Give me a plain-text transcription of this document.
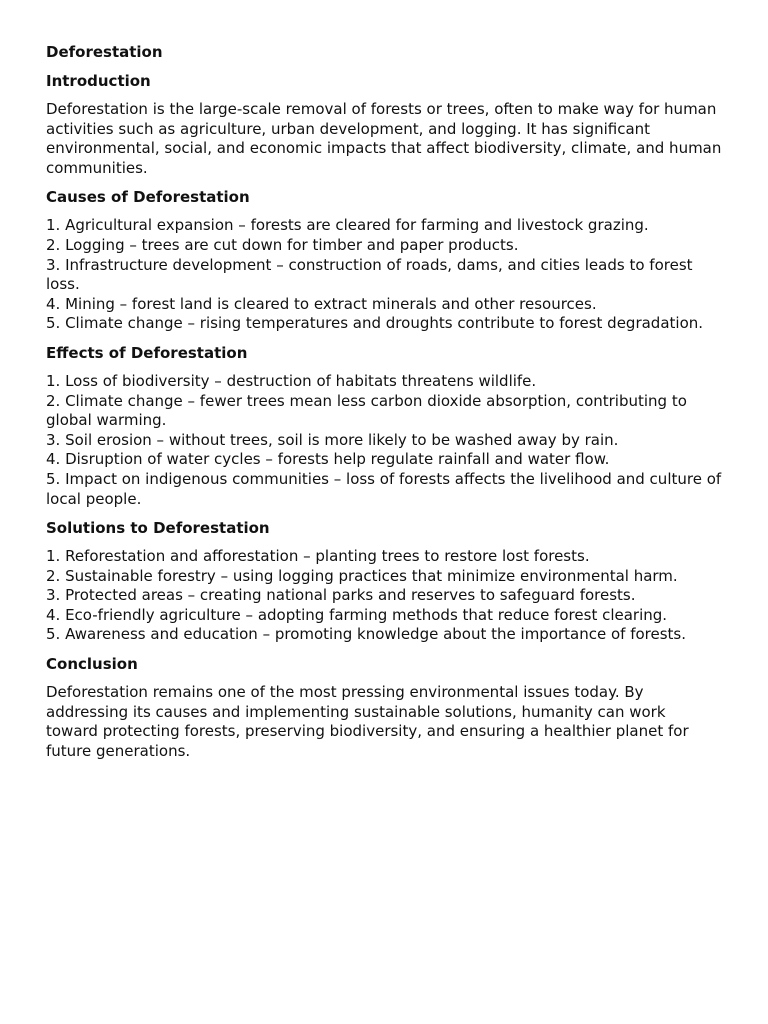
Deforestation
Introduction

Deforestation is the large-scale removal of forests or trees, often to make way for human activities such as agriculture, urban development, and logging. It has significant environmental, social, and economic impacts that affect biodiversity, climate, and human communities.

Causes of Deforestation
1. Agricultural expansion – forests are cleared for farming and livestock grazing.
2. Logging – trees are cut down for timber and paper products.
3. Infrastructure development – construction of roads, dams, and cities leads to forest loss.
4. Mining – forest land is cleared to extract minerals and other resources.
5. Climate change – rising temperatures and droughts contribute to forest degradation.
Effects of Deforestation
1. Loss of biodiversity – destruction of habitats threatens wildlife.
2. Climate change – fewer trees mean less carbon dioxide absorption, contributing to global warming.
3. Soil erosion – without trees, soil is more likely to be washed away by rain.
4. Disruption of water cycles – forests help regulate rainfall and water flow.
5. Impact on indigenous communities – loss of forests affects the livelihood and culture of local people.
Solutions to Deforestation
1. Reforestation and afforestation – planting trees to restore lost forests.
2. Sustainable forestry – using logging practices that minimize environmental harm.
3. Protected areas – creating national parks and reserves to safeguard forests.
4. Eco-friendly agriculture – adopting farming methods that reduce forest clearing.
5. Awareness and education – promoting knowledge about the importance of forests.
Conclusion

Deforestation remains one of the most pressing environmental issues today. By addressing its causes and implementing sustainable solutions, humanity can work toward protecting forests, preserving biodiversity, and ensuring a healthier planet for future generations.
